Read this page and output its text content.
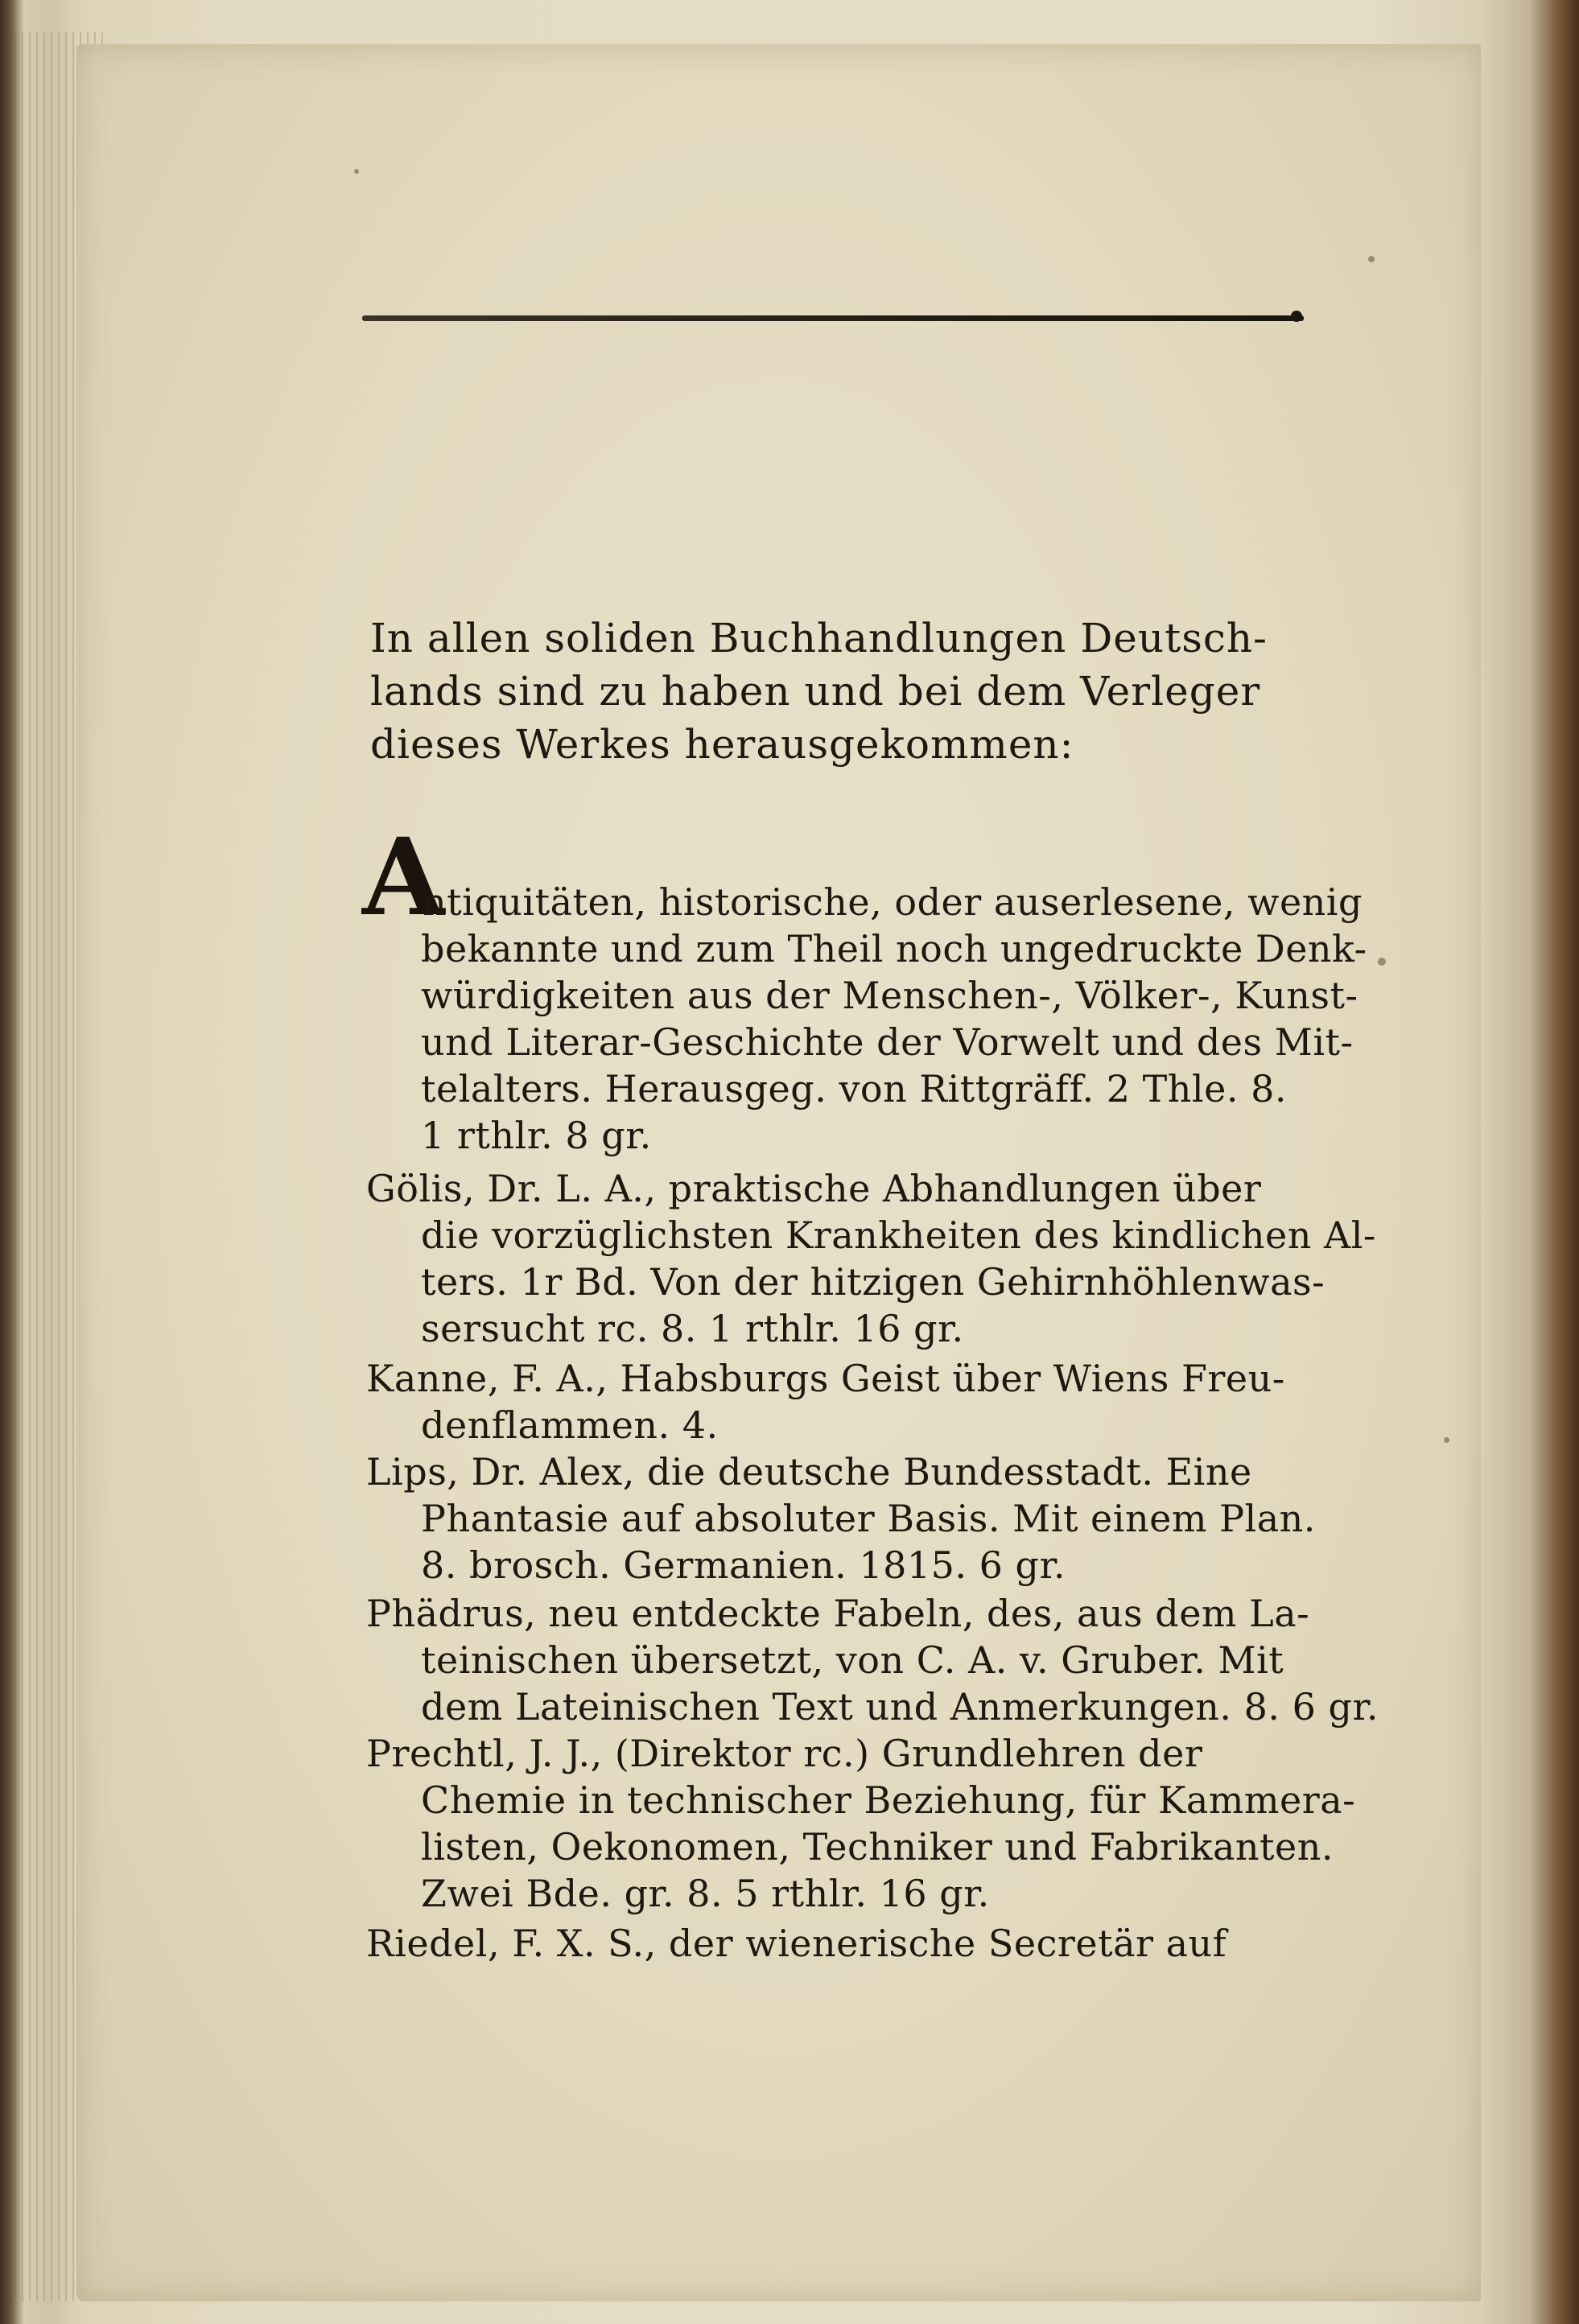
In allen soliden Buchhandlungen Deutsch-
lands sind zu haben und bei dem Verleger
dieses Werkes herausgekommen:
A
ntiquitäten, historische, oder auserlesene, wenig
bekannte und zum Theil noch ungedruckte Denk-
würdigkeiten aus der Menschen-, Völker-, Kunst-
und Literar-Geschichte der Vorwelt und des Mit-
telalters. Herausgeg. von Rittgräff. 2 Thle. 8.
1 rthlr. 8 gr.
Gölis, Dr. L. A., praktische Abhandlungen über
die vorzüglichsten Krankheiten des kindlichen Al-
ters. 1r Bd. Von der hitzigen Gehirnhöhlenwas-
sersucht rc. 8. 1 rthlr. 16 gr.
Kanne, F. A., Habsburgs Geist über Wiens Freu-
denflammen. 4.
Lips, Dr. Alex, die deutsche Bundesstadt. Eine
Phantasie auf absoluter Basis. Mit einem Plan.
8. brosch. Germanien. 1815. 6 gr.
Phädrus, neu entdeckte Fabeln, des, aus dem La-
teinischen übersetzt, von C. A. v. Gruber. Mit
dem Lateinischen Text und Anmerkungen. 8. 6 gr.
Prechtl, J. J., (Direktor rc.) Grundlehren der
Chemie in technischer Beziehung, für Kammera-
listen, Oekonomen, Techniker und Fabrikanten.
Zwei Bde. gr. 8. 5 rthlr. 16 gr.
Riedel, F. X. S., der wienerische Secretär auf
